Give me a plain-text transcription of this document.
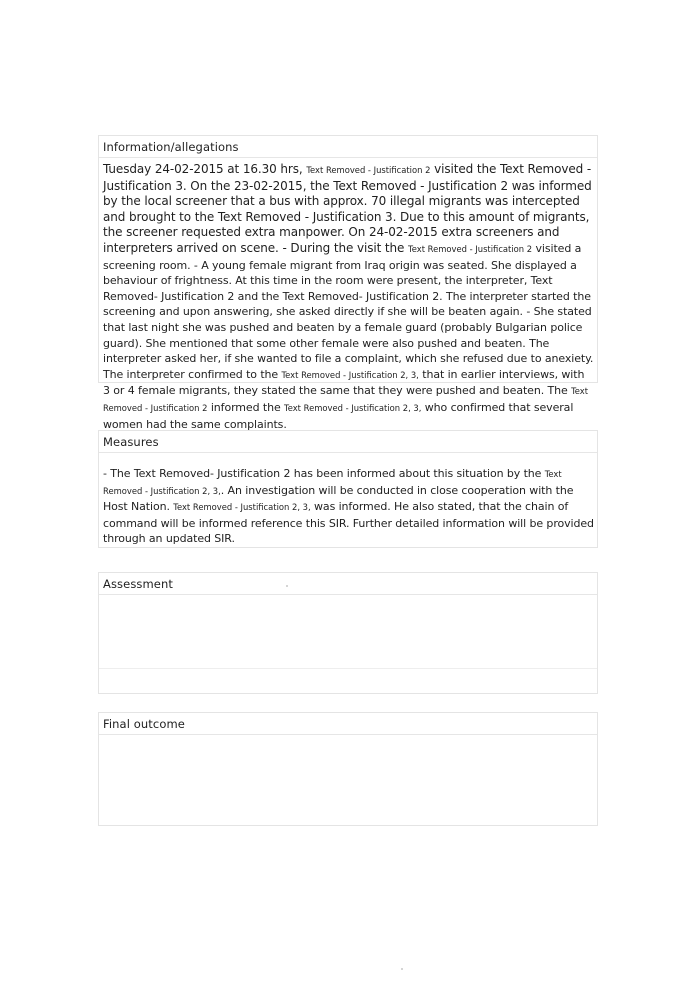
Information/allegations
Tuesday 24-02-2015 at 16.30 hrs, Text Removed - Justification 2 visited the Text Removed - Justification 3. On the 23-02-2015, the Text Removed - Justification 2 was informed by the local screener that a bus with approx. 70 illegal migrants was intercepted and brought to the Text Removed - Justification 3. Due to this amount of migrants, the screener requested extra manpower. On 24-02-2015 extra screeners and interpreters arrived on scene. - During the visit the Text Removed - Justification 2 visited a screening room. - A young female migrant from Iraq origin was seated. She displayed a behaviour of frightness. At this time in the room were present, the interpreter, Text Removed- Justification 2 and the Text Removed- Justification 2. The interpreter started the screening and upon answering, she asked directly if she will be beaten again. - She stated that last night she was pushed and beaten by a female guard (probably Bulgarian police guard). She mentioned that some other female were also pushed and beaten. The interpreter asked her, if she wanted to file a complaint, which she refused due to anexiety. The interpreter confirmed to the Text Removed - Justification 2, 3, that in earlier interviews, with 3 or 4 female migrants, they stated the same that they were pushed and beaten. The Text Removed - Justification 2 informed the Text Removed - Justification 2, 3, who confirmed that several women had the same complaints.
Measures
- The Text Removed- Justification 2 has been informed about this situation by the Text Removed - Justification 2, 3,. An investigation will be conducted in close cooperation with the Host Nation. Text Removed - Justification 2, 3, was informed. He also stated, that the chain of command will be informed reference this SIR. Further detailed information will be provided through an updated SIR.
Assessment
Final outcome
